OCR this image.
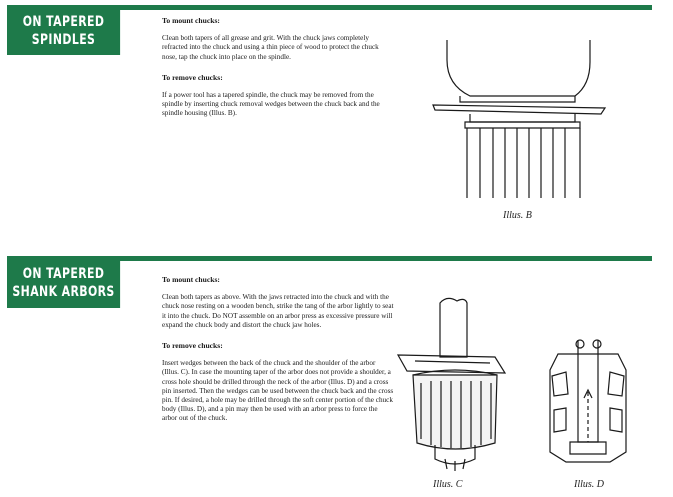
ON TAPERED
SPINDLES
To mount chucks:

Clean both tapers of all grease and grit. With the chuck jaws completely refracted into the chuck and using a thin piece of wood to protect the chuck nose, tap the chuck into place on the spindle.

To remove chucks:

If a power tool has a tapered spindle, the chuck may be removed from the spindle by inserting chuck removal wedges between the chuck back and the spindle housing (Illus. B).

Illus. B
ON TAPERED
SHANK ARBORS
To mount chucks:

Clean both tapers as above. With the jaws retracted into the chuck and with the chuck nose resting on a wooden bench, strike the tang of the arbor lightly to seat it into the chuck. Do NOT assemble on an arbor press as excessive pressure will expand the chuck body and distort the chuck jaw holes.

To remove chucks:

Insert wedges between the back of the chuck and the shoulder of the arbor (Illus. C). In case the mounting taper of the arbor does not provide a shoulder, a cross hole should be drilled through the neck of the arbor (Illus. D) and a cross pin inserted. Then the wedges can be used between the chuck back and the cross pin. If desired, a hole may be drilled through the soft center portion of the chuck body (Illus. D), and a pin may then be used with an arbor press to force the arbor out of the chuck.

Illus. C	Illus. D
